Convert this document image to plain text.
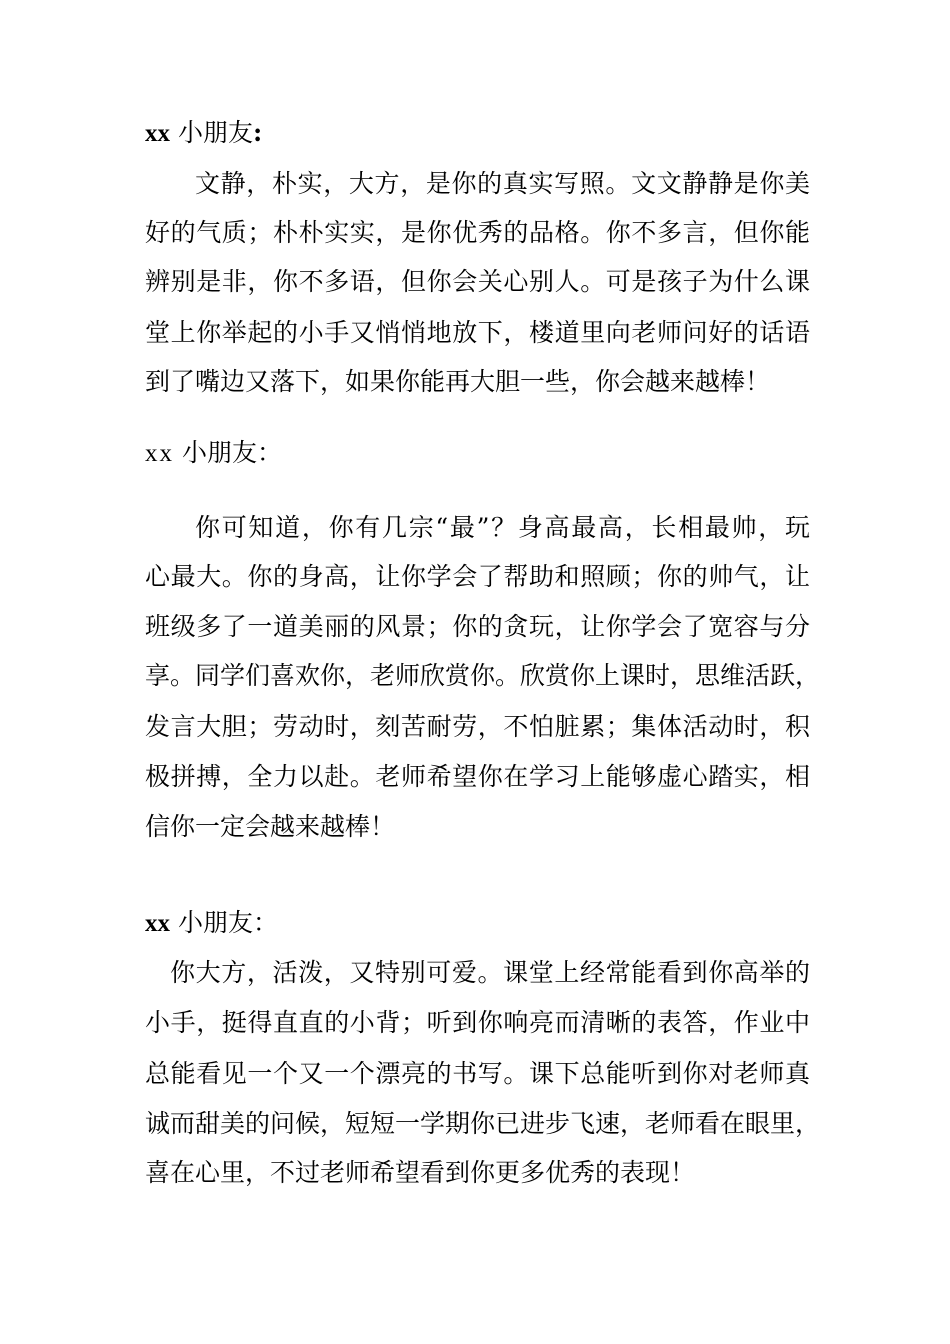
xx 小朋友:
文静，朴实，大方，是你的真实写照。文文静静是你美
好的气质；朴朴实实，是你优秀的品格。你不多言，但你能
辨别是非，你不多语，但你会关心别人。可是孩子为什么课
堂上你举起的小手又悄悄地放下，楼道里向老师问好的话语
到了嘴边又落下，如果你能再大胆一些，你会越来越棒！
xx 小朋友：
你可知道，你有几宗“最”？身高最高，长相最帅，玩
心最大。你的身高，让你学会了帮助和照顾；你的帅气，让
班级多了一道美丽的风景；你的贪玩，让你学会了宽容与分
享。同学们喜欢你，老师欣赏你。欣赏你上课时，思维活跃，
发言大胆；劳动时，刻苦耐劳，不怕脏累；集体活动时，积
极拼搏，全力以赴。老师希望你在学习上能够虚心踏实，相
信你一定会越来越棒！
xx 小朋友：
你大方，活泼，又特别可爱。课堂上经常能看到你高举的
小手，挺得直直的小背；听到你响亮而清晰的表答，作业中
总能看见一个又一个漂亮的书写。课下总能听到你对老师真
诚而甜美的问候，短短一学期你已进步飞速，老师看在眼里，
喜在心里，不过老师希望看到你更多优秀的表现！
